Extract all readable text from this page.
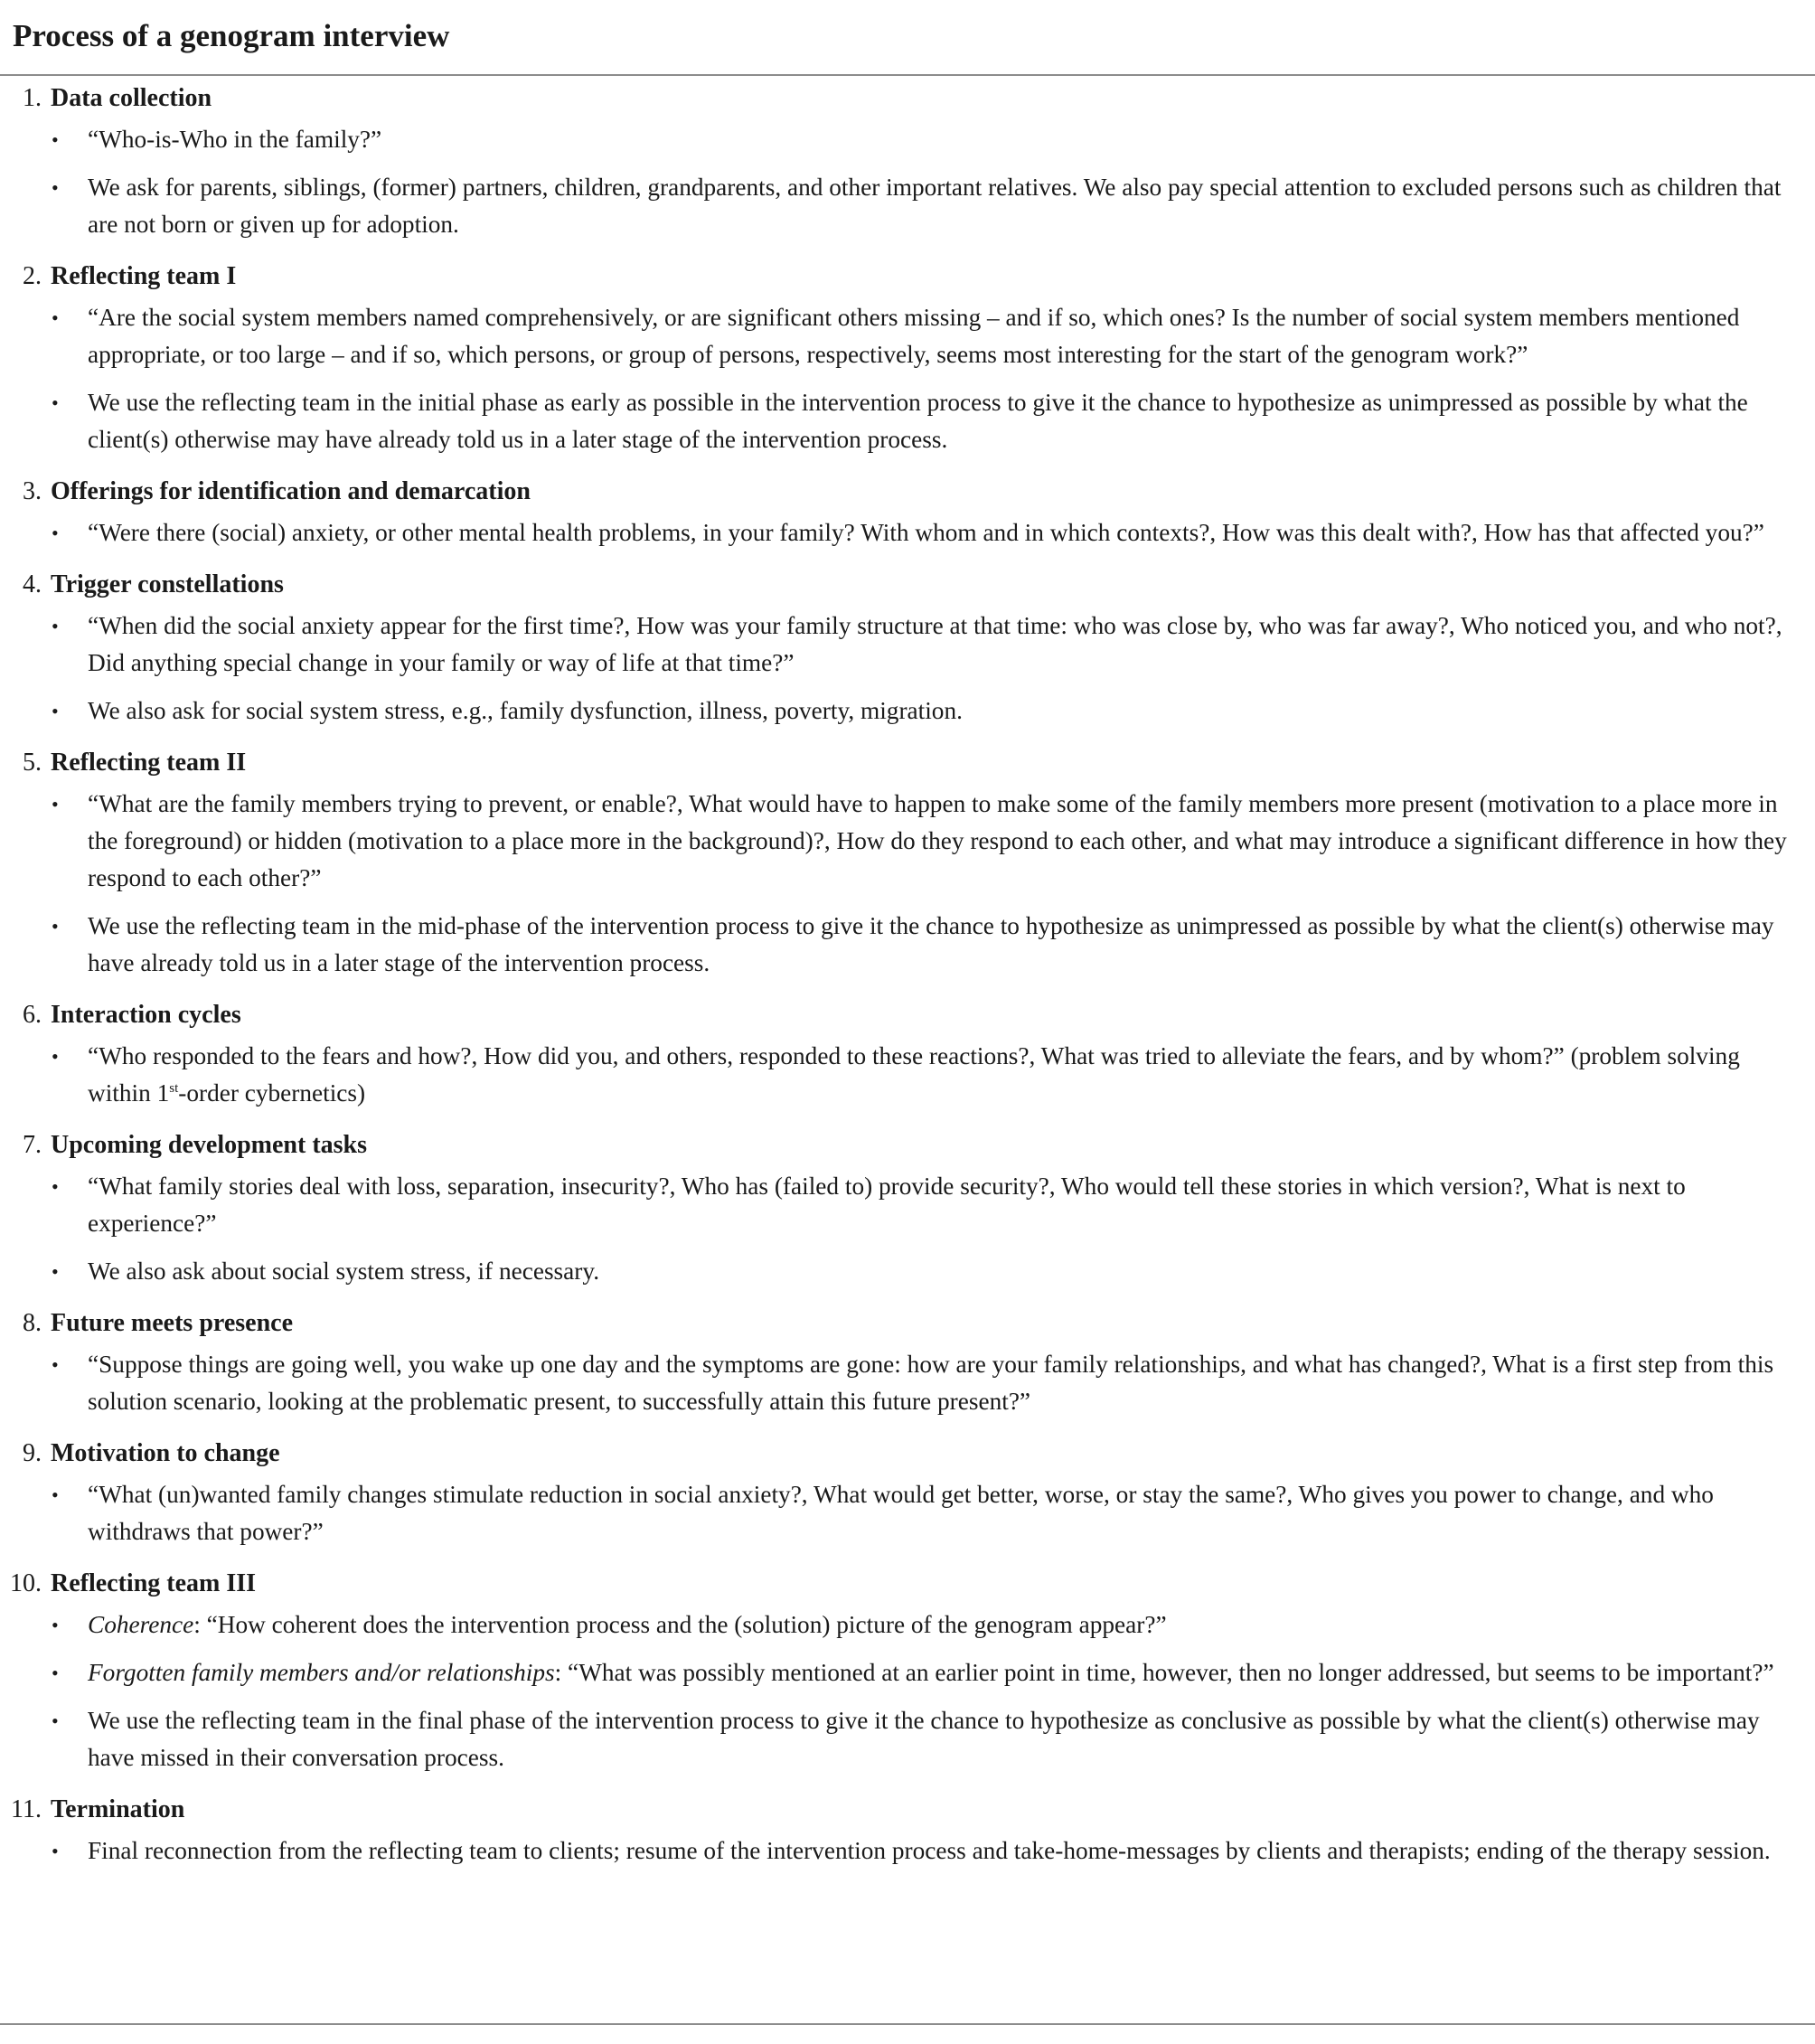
Process of a genogram interview
1. Data collection
• “Who-is-Who in the family?”
• We ask for parents, siblings, (former) partners, children, grandparents, and other important relatives. We also pay special attention to excluded persons such as children that are not born or given up for adoption.
2. Reflecting team I
• “Are the social system members named comprehensively, or are significant others missing – and if so, which ones? Is the number of social system members mentioned appropriate, or too large – and if so, which persons, or group of persons, respectively, seems most interesting for the start of the genogram work?”
• We use the reflecting team in the initial phase as early as possible in the intervention process to give it the chance to hypothesize as unimpressed as possible by what the client(s) otherwise may have already told us in a later stage of the intervention process.
3. Offerings for identification and demarcation
• “Were there (social) anxiety, or other mental health problems, in your family? With whom and in which contexts?, How was this dealt with?, How has that affected you?”
4. Trigger constellations
• “When did the social anxiety appear for the first time?, How was your family structure at that time: who was close by, who was far away?, Who noticed you, and who not?, Did anything special change in your family or way of life at that time?”
• We also ask for social system stress, e.g., family dysfunction, illness, poverty, migration.
5. Reflecting team II
• “What are the family members trying to prevent, or enable?, What would have to happen to make some of the family members more present (motivation to a place more in the foreground) or hidden (motivation to a place more in the background)?, How do they respond to each other, and what may introduce a significant difference in how they respond to each other?”
• We use the reflecting team in the mid-phase of the intervention process to give it the chance to hypothesize as unimpressed as possible by what the client(s) otherwise may have already told us in a later stage of the intervention process.
6. Interaction cycles
• “Who responded to the fears and how?, How did you, and others, responded to these reactions?, What was tried to alleviate the fears, and by whom?” (problem solving within 1st-order cybernetics)
7. Upcoming development tasks
• “What family stories deal with loss, separation, insecurity?, Who has (failed to) provide security?, Who would tell these stories in which version?, What is next to experience?”
• We also ask about social system stress, if necessary.
8. Future meets presence
• “Suppose things are going well, you wake up one day and the symptoms are gone: how are your family relationships, and what has changed?, What is a first step from this solution scenario, looking at the problematic present, to successfully attain this future present?”
9. Motivation to change
• “What (un)wanted family changes stimulate reduction in social anxiety?, What would get better, worse, or stay the same?, Who gives you power to change, and who withdraws that power?”
10. Reflecting team III
• Coherence: “How coherent does the intervention process and the (solution) picture of the genogram appear?”
• Forgotten family members and/or relationships: “What was possibly mentioned at an earlier point in time, however, then no longer addressed, but seems to be important?”
• We use the reflecting team in the final phase of the intervention process to give it the chance to hypothesize as conclusive as possible by what the client(s) otherwise may have missed in their conversation process.
11. Termination
• Final reconnection from the reflecting team to clients; resume of the intervention process and take-home-messages by clients and therapists; ending of the therapy session.
